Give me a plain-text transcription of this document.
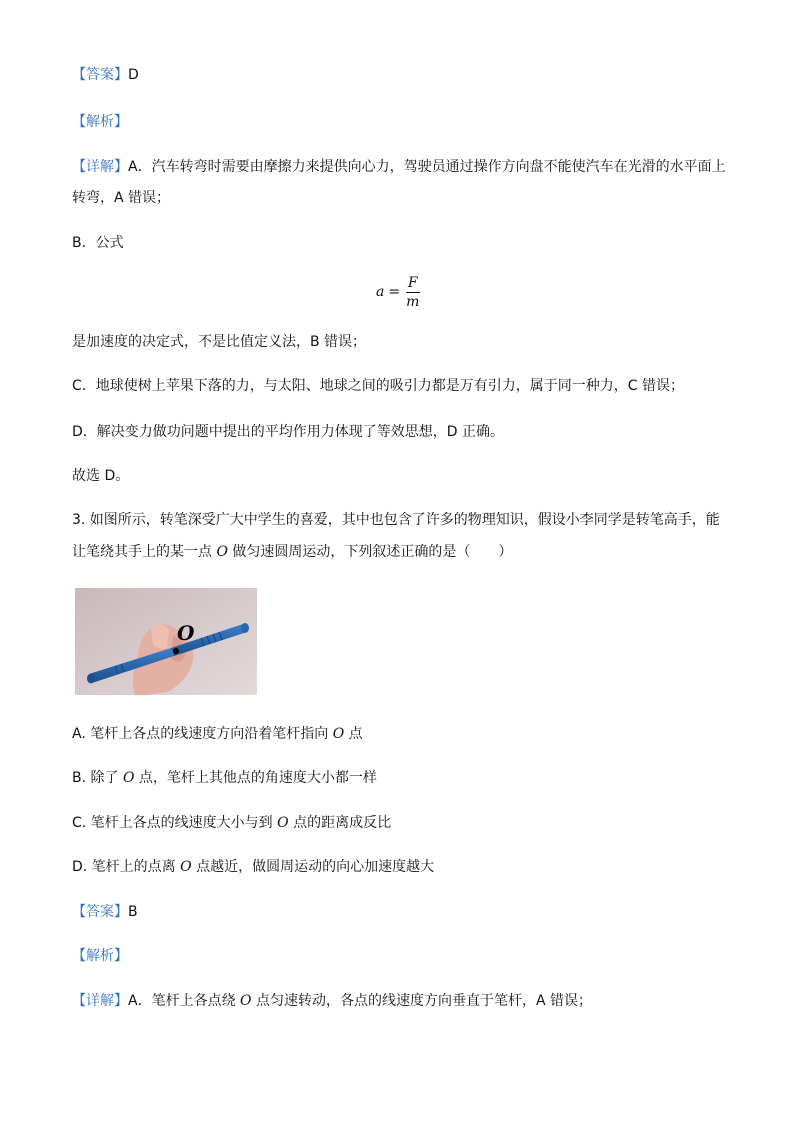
【答案】D
【解析】
【详解】A．汽车转弯时需要由摩擦力来提供向心力，驾驶员通过操作方向盘不能使汽车在光滑的水平面上
转弯，A 错误；
B．公式
$a = \frac{F}{m}$
是加速度的决定式，不是比值定义法，B 错误；
C．地球使树上苹果下落的力，与太阳、地球之间的吸引力都是万有引力，属于同一种力，C 错误；
D．解决变力做功问题中提出的平均作用力体现了等效思想，D 正确。
故选 D。
3. 如图所示，转笔深受广大中学生的喜爱，其中也包含了许多的物理知识，假设小李同学是转笔高手，能
让笔绕其手上的某一点 O 做匀速圆周运动，下列叙述正确的是（　　）
O
A. 笔杆上各点的线速度方向沿着笔杆指向 O 点
B. 除了 O 点，笔杆上其他点的角速度大小都一样
C. 笔杆上各点的线速度大小与到 O 点的距离成反比
D. 笔杆上的点离 O 点越近，做圆周运动的向心加速度越大
【答案】B
【解析】
【详解】A．笔杆上各点绕 O 点匀速转动，各点的线速度方向垂直于笔杆，A 错误；
